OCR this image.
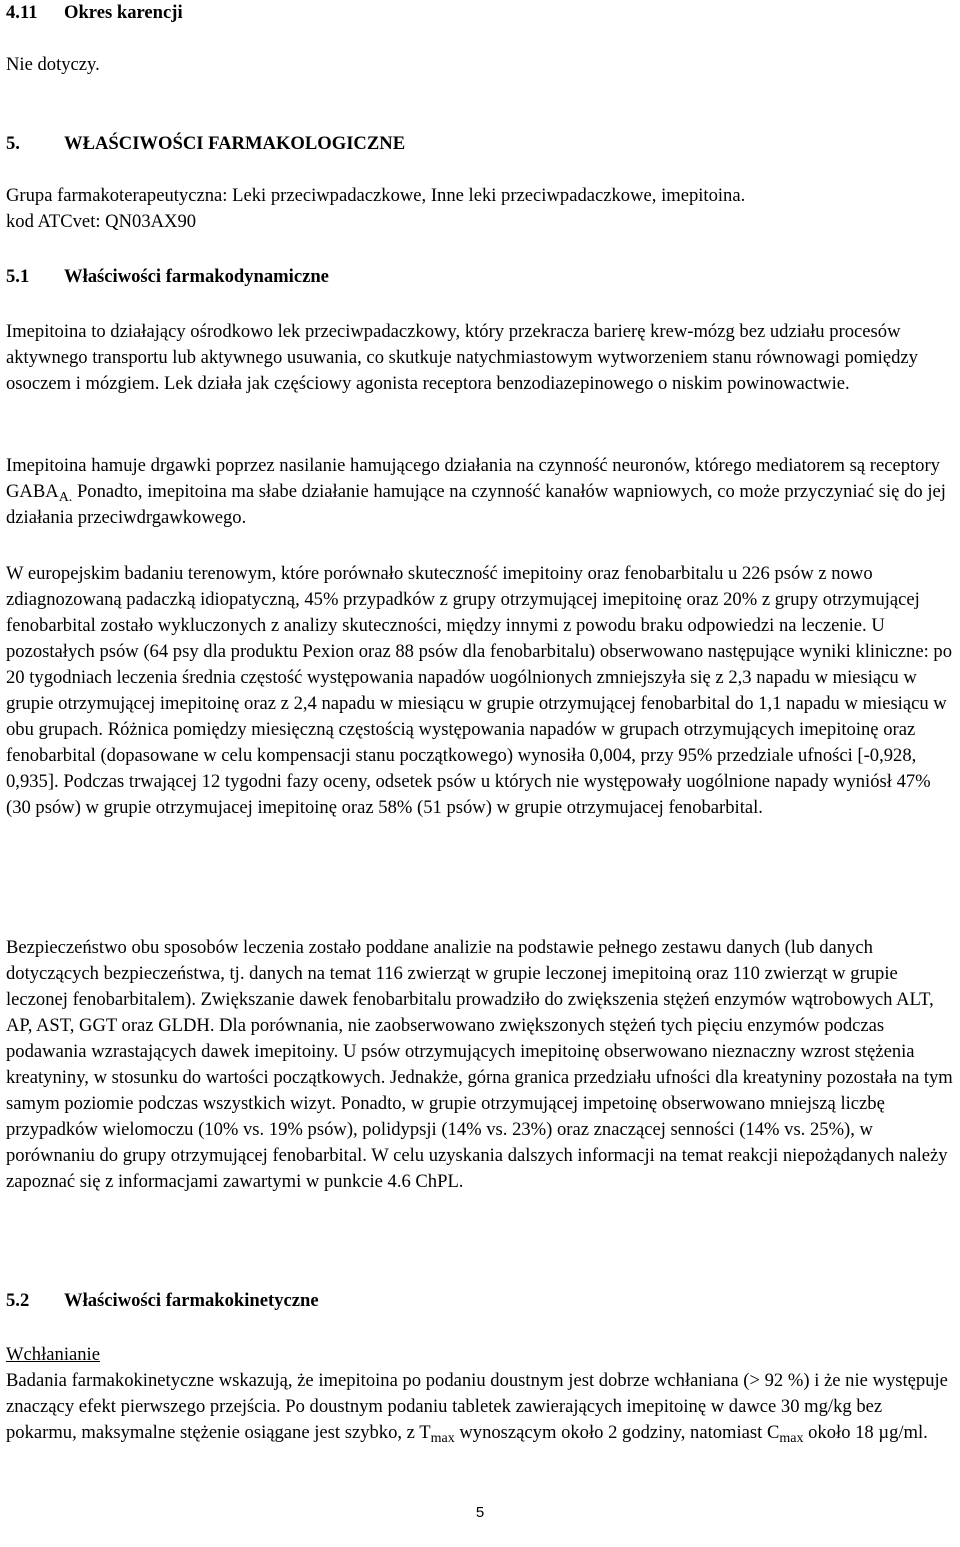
4.11	Okres karencji

Nie dotyczy.

5.	WŁAŚCIWOŚCI FARMAKOLOGICZNE

Grupa farmakoterapeutyczna: Leki przeciwpadaczkowe, Inne leki przeciwpadaczkowe, imepitoina.
kod ATCvet: QN03AX90

5.1	Właściwości farmakodynamiczne

Imepitoina to działający ośrodkowo lek przeciwpadaczkowy, który przekracza barierę krew-mózg bez udziału procesów aktywnego transportu lub aktywnego usuwania, co skutkuje natychmiastowym wytworzeniem stanu równowagi pomiędzy osoczem i mózgiem. Lek działa jak częściowy agonista receptora benzodiazepinowego o niskim powinowactwie.

Imepitoina hamuje drgawki poprzez nasilanie hamującego działania na czynność neuronów, którego mediatorem są receptory $GABA_{A.}$ Ponadto, imepitoina ma słabe działanie hamujące na czynność kanałów wapniowych, co może przyczyniać się do jej działania przeciwdrgawkowego.

W europejskim badaniu terenowym, które porównało skuteczność imepitoiny oraz fenobarbitalu u 226 psów z nowo zdiagnozowaną padaczką idiopatyczną, 45% przypadków z grupy otrzymującej imepitoinę oraz 20% z grupy otrzymującej fenobarbital zostało wykluczonych z analizy skuteczności, między innymi z powodu braku odpowiedzi na leczenie. U pozostałych psów (64 psy dla produktu Pexion oraz 88 psów dla fenobarbitalu) obserwowano następujące wyniki kliniczne: po 20 tygodniach leczenia średnia częstość występowania napadów uogólnionych zmniejszyła się z 2,3 napadu w miesiącu w grupie otrzymującej imepitoinę oraz z 2,4 napadu w miesiącu w grupie otrzymującej fenobarbital do 1,1 napadu w miesiącu w obu grupach. Różnica pomiędzy miesięczną częstością występowania napadów w grupach otrzymujących imepitoinę oraz fenobarbital (dopasowane w celu kompensacji stanu początkowego) wynosiła 0,004, przy 95% przedziale ufności [-0,928, 0,935]. Podczas trwającej 12 tygodni fazy oceny, odsetek psów u których nie występowały uogólnione napady wyniósł 47% (30 psów) w grupie otrzymujacej imepitoinę oraz 58% (51 psów) w grupie otrzymujacej fenobarbital.

Bezpieczeństwo obu sposobów leczenia zostało poddane analizie na podstawie pełnego zestawu danych (lub danych dotyczących bezpieczeństwa, tj. danych na temat 116 zwierząt w grupie leczonej imepitoiną oraz 110 zwierząt w grupie leczonej fenobarbitalem). Zwiększanie dawek fenobarbitalu prowadziło do zwiększenia stężeń enzymów wątrobowych ALT, AP, AST, GGT oraz GLDH. Dla porównania, nie zaobserwowano zwiększonych stężeń tych pięciu enzymów podczas podawania wzrastających dawek imepitoiny. U psów otrzymujących imepitoinę obserwowano nieznaczny wzrost stężenia kreatyniny, w stosunku do wartości początkowych. Jednakże, górna granica przedziału ufności dla kreatyniny pozostała na tym samym poziomie podczas wszystkich wizyt. Ponadto, w grupie otrzymującej impetoinę obserwowano mniejszą liczbę przypadków wielomoczu (10% vs. 19% psów), polidypsji (14% vs. 23%) oraz znaczącej senności (14% vs. 25%), w porównaniu do grupy otrzymującej fenobarbital. W celu uzyskania dalszych informacji na temat reakcji niepożądanych należy zapoznać się z informacjami zawartymi w punkcie 4.6 ChPL.

5.2	Właściwości farmakokinetyczne

Wchłanianie
Badania farmakokinetyczne wskazują, że imepitoina po podaniu doustnym jest dobrze wchłaniana (> 92 %) i że nie występuje znaczący efekt pierwszego przejścia. Po doustnym podaniu tabletek zawierających imepitoinę w dawce 30 mg/kg bez pokarmu, maksymalne stężenie osiągane jest szybko, z $T_{max}$ wynoszącym około 2 godziny, natomiast $C_{max}$ około 18 µg/ml.

5
